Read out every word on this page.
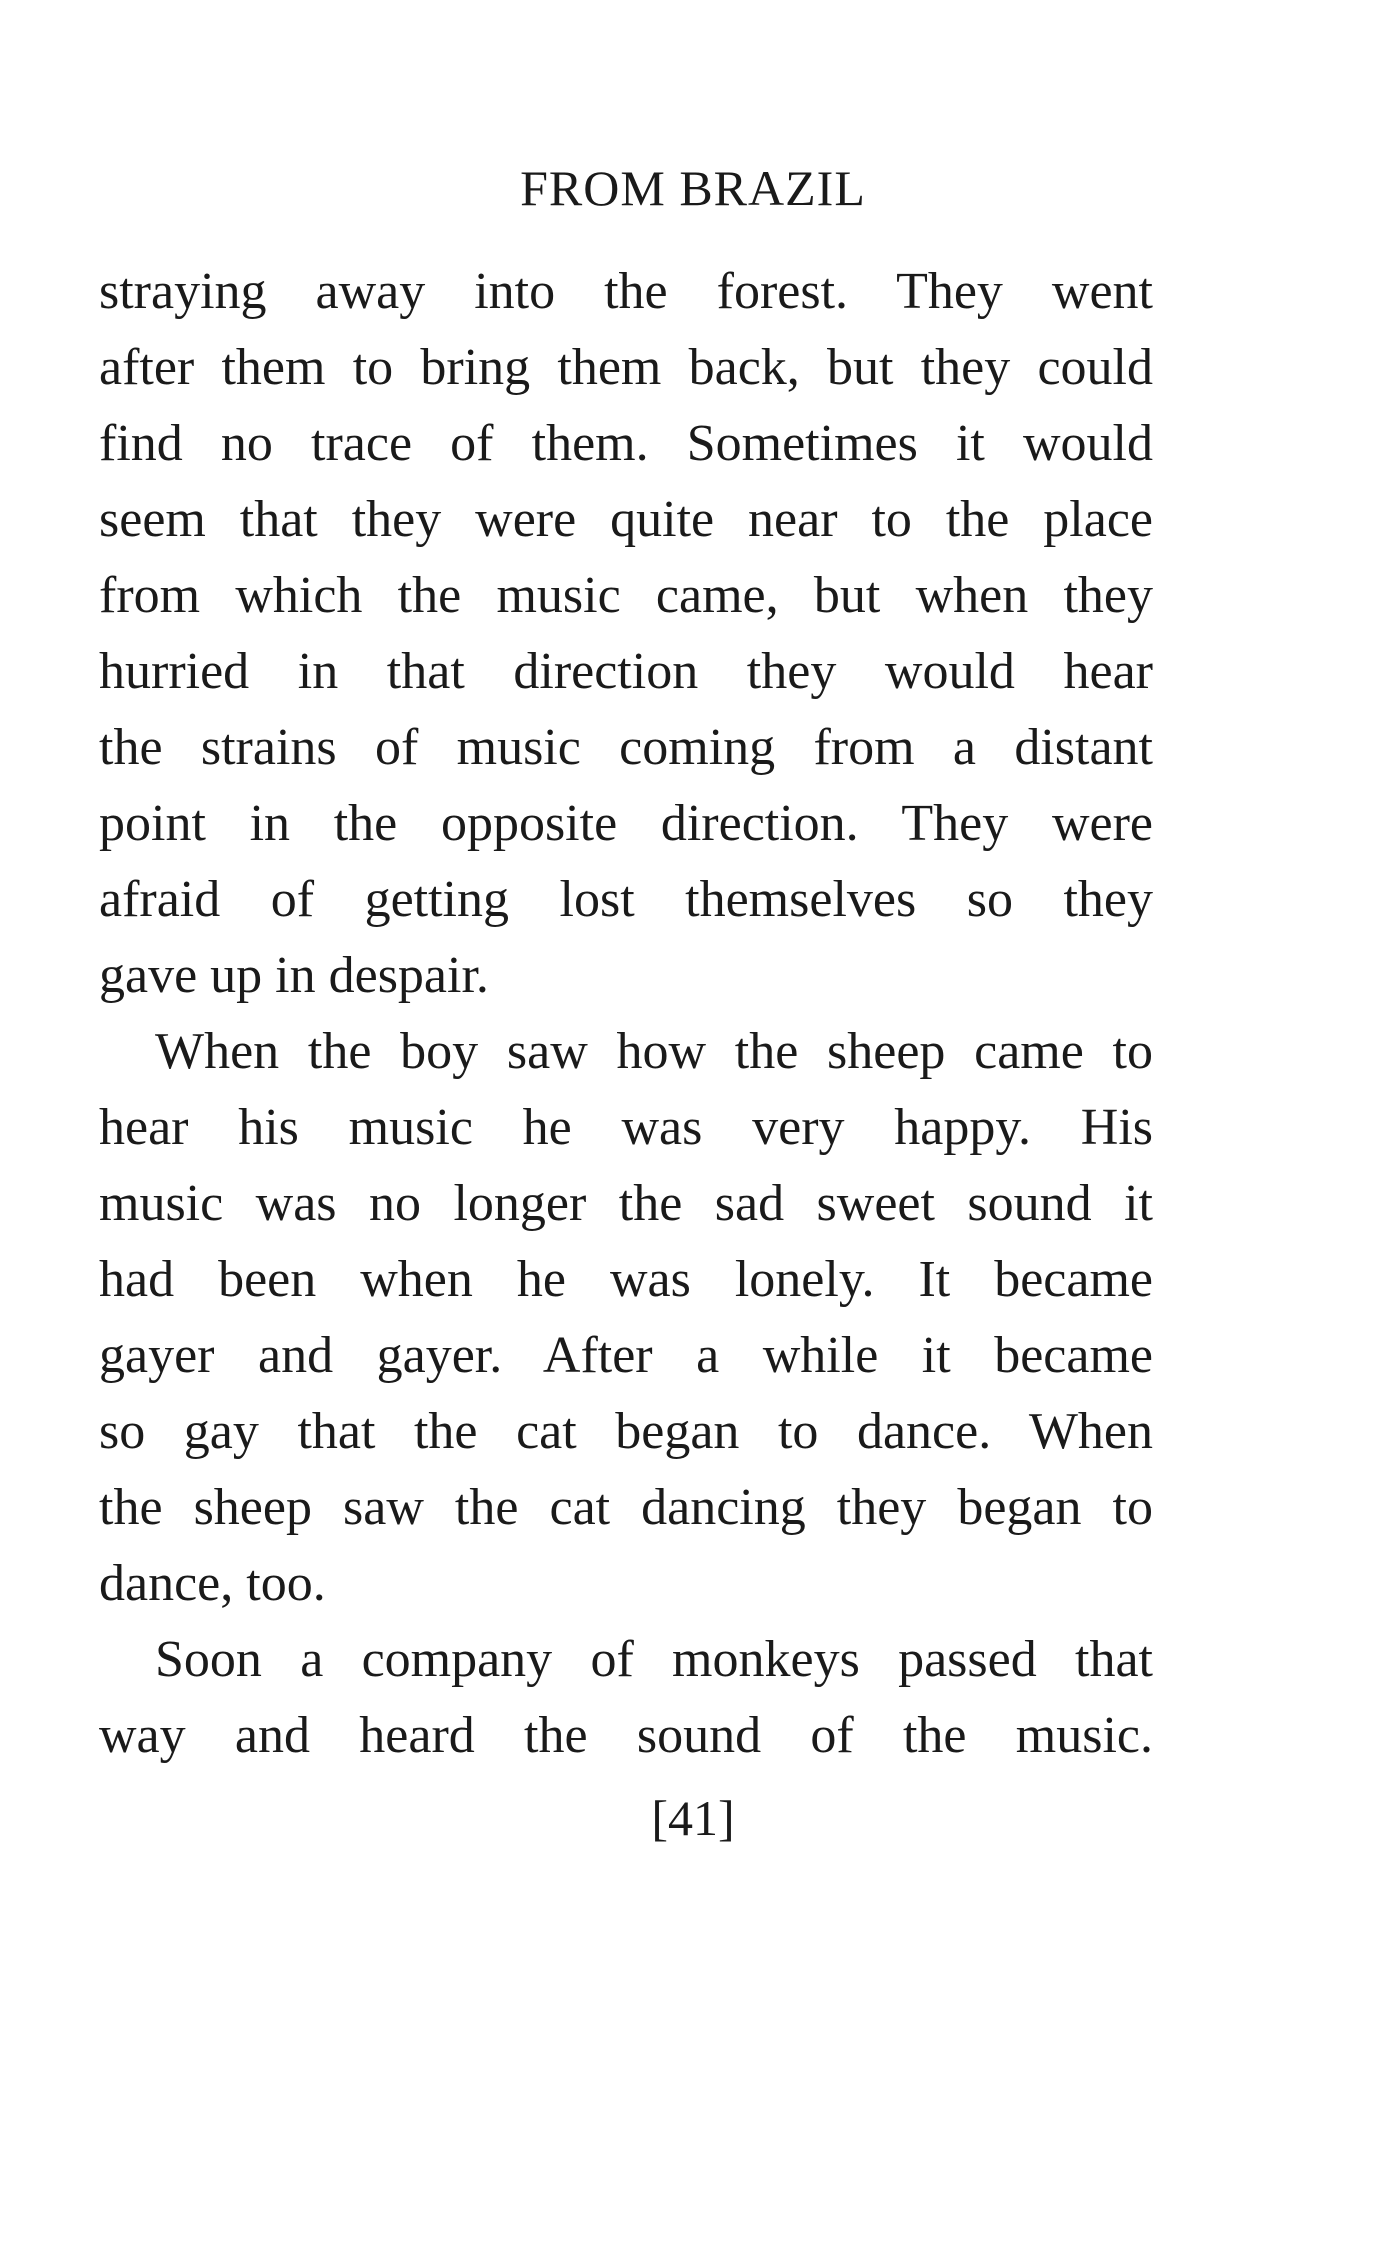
FROM BRAZIL
straying away into the forest. They went
after them to bring them back, but they could
find no trace of them. Sometimes it would
seem that they were quite near to the place
from which the music came, but when they
hurried in that direction they would hear
the strains of music coming from a distant
point in the opposite direction. They were
afraid of getting lost themselves so they
gave up in despair.
When the boy saw how the sheep came to
hear his music he was very happy. His
music was no longer the sad sweet sound it
had been when he was lonely. It became
gayer and gayer. After a while it became
so gay that the cat began to dance. When
the sheep saw the cat dancing they began to
dance, too.
Soon a company of monkeys passed that
way and heard the sound of the music.
[41]
